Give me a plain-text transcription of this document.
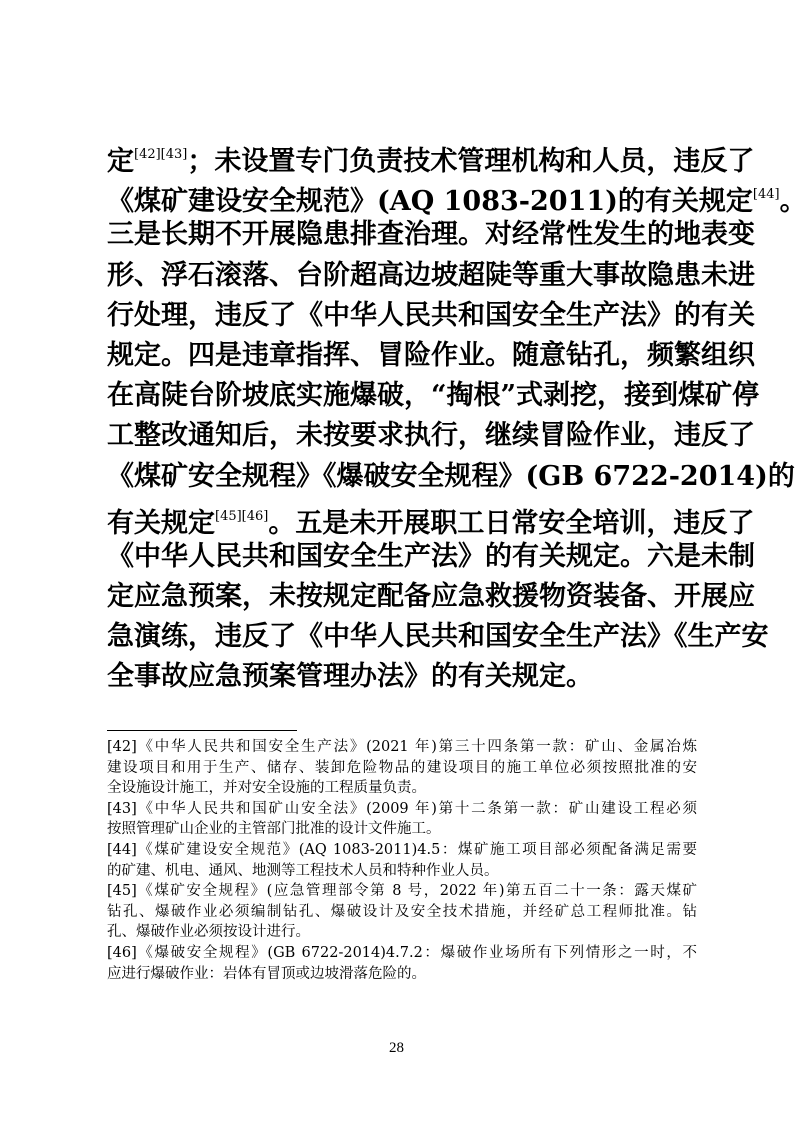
定[42][43]；未设置专门负责技术管理机构和人员，违反了
《煤矿建设安全规范》(AQ 1083-2011)的有关规定[44]。
三是长期不开展隐患排查治理。对经常性发生的地表变
形、浮石滚落、台阶超高边坡超陡等重大事故隐患未进
行处理，违反了《中华人民共和国安全生产法》的有关
规定。四是违章指挥、冒险作业。随意钻孔，频繁组织
在高陡台阶坡底实施爆破，“掏根”式剥挖，接到煤矿停
工整改通知后，未按要求执行，继续冒险作业，违反了
《煤矿安全规程》《爆破安全规程》(GB 6722-2014)的
有关规定[45][46]。五是未开展职工日常安全培训，违反了
《中华人民共和国安全生产法》的有关规定。六是未制
定应急预案，未按规定配备应急救援物资装备、开展应
急演练，违反了《中华人民共和国安全生产法》《生产安
全事故应急预案管理办法》的有关规定。
[42]《中华人民共和国安全生产法》(2021 年)第三十四条第一款：矿山、金属冶炼
建设项目和用于生产、储存、装卸危险物品的建设项目的施工单位必须按照批准的安
全设施设计施工，并对安全设施的工程质量负责。
[43]《中华人民共和国矿山安全法》(2009 年)第十二条第一款：矿山建设工程必须
按照管理矿山企业的主管部门批准的设计文件施工。
[44]《煤矿建设安全规范》(AQ 1083-2011)4.5：煤矿施工项目部必须配备满足需要
的矿建、机电、通风、地测等工程技术人员和特种作业人员。
[45]《煤矿安全规程》(应急管理部令第 8 号，2022 年)第五百二十一条：露天煤矿
钻孔、爆破作业必须编制钻孔、爆破设计及安全技术措施，并经矿总工程师批准。钻
孔、爆破作业必须按设计进行。
[46]《爆破安全规程》(GB 6722-2014)4.7.2：爆破作业场所有下列情形之一时，不
应进行爆破作业：岩体有冒顶或边坡滑落危险的。
28
